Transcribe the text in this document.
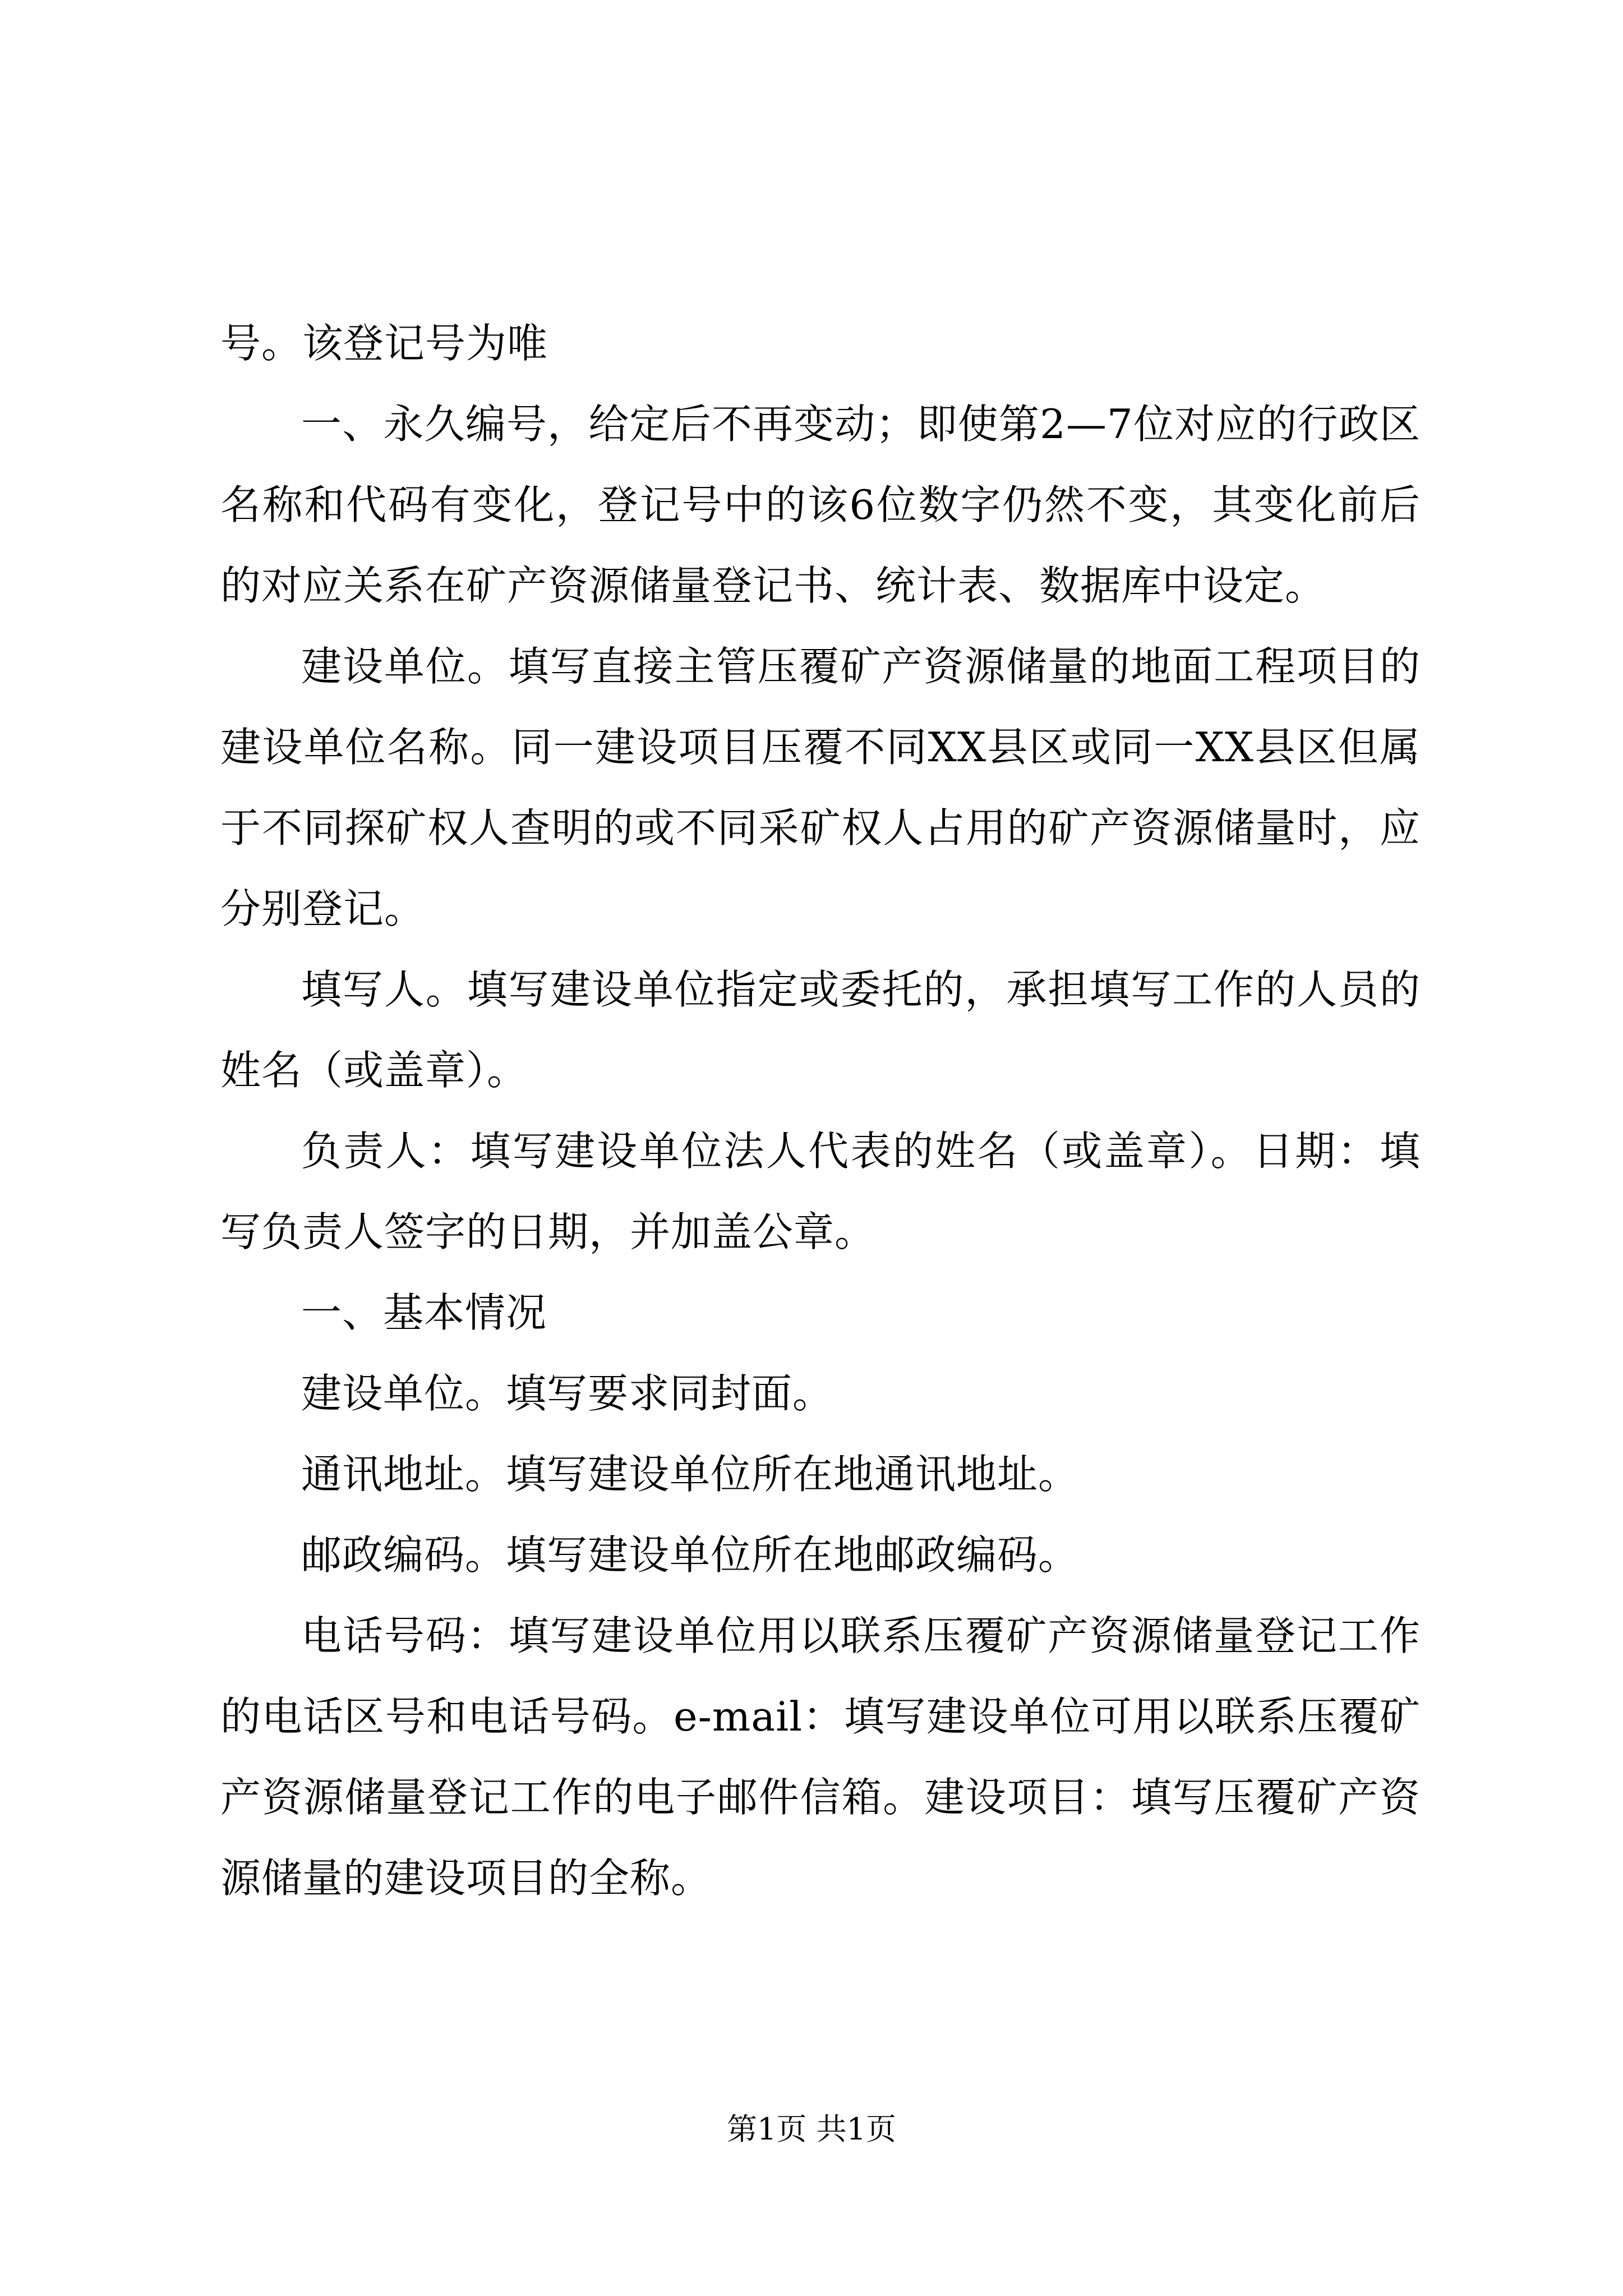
号。该登记号为唯

一、永久编号，给定后不再变动；即使第2—7位对应的行政区名称和代码有变化，登记号中的该6位数字仍然不变，其变化前后的对应关系在矿产资源储量登记书、统计表、数据库中设定。

建设单位。填写直接主管压覆矿产资源储量的地面工程项目的建设单位名称。同一建设项目压覆不同XX县区或同一XX县区但属于不同探矿权人查明的或不同采矿权人占用的矿产资源储量时，应分别登记。

填写人。填写建设单位指定或委托的，承担填写工作的人员的姓名（或盖章）。

负责人：填写建设单位法人代表的姓名（或盖章）。日期：填写负责人签字的日期，并加盖公章。

一、基本情况

建设单位。填写要求同封面。

通讯地址。填写建设单位所在地通讯地址。

邮政编码。填写建设单位所在地邮政编码。

电话号码：填写建设单位用以联系压覆矿产资源储量登记工作的电话区号和电话号码。e-mail：填写建设单位可用以联系压覆矿产资源储量登记工作的电子邮件信箱。建设项目：填写压覆矿产资源储量的建设项目的全称。

第1页 共1页
